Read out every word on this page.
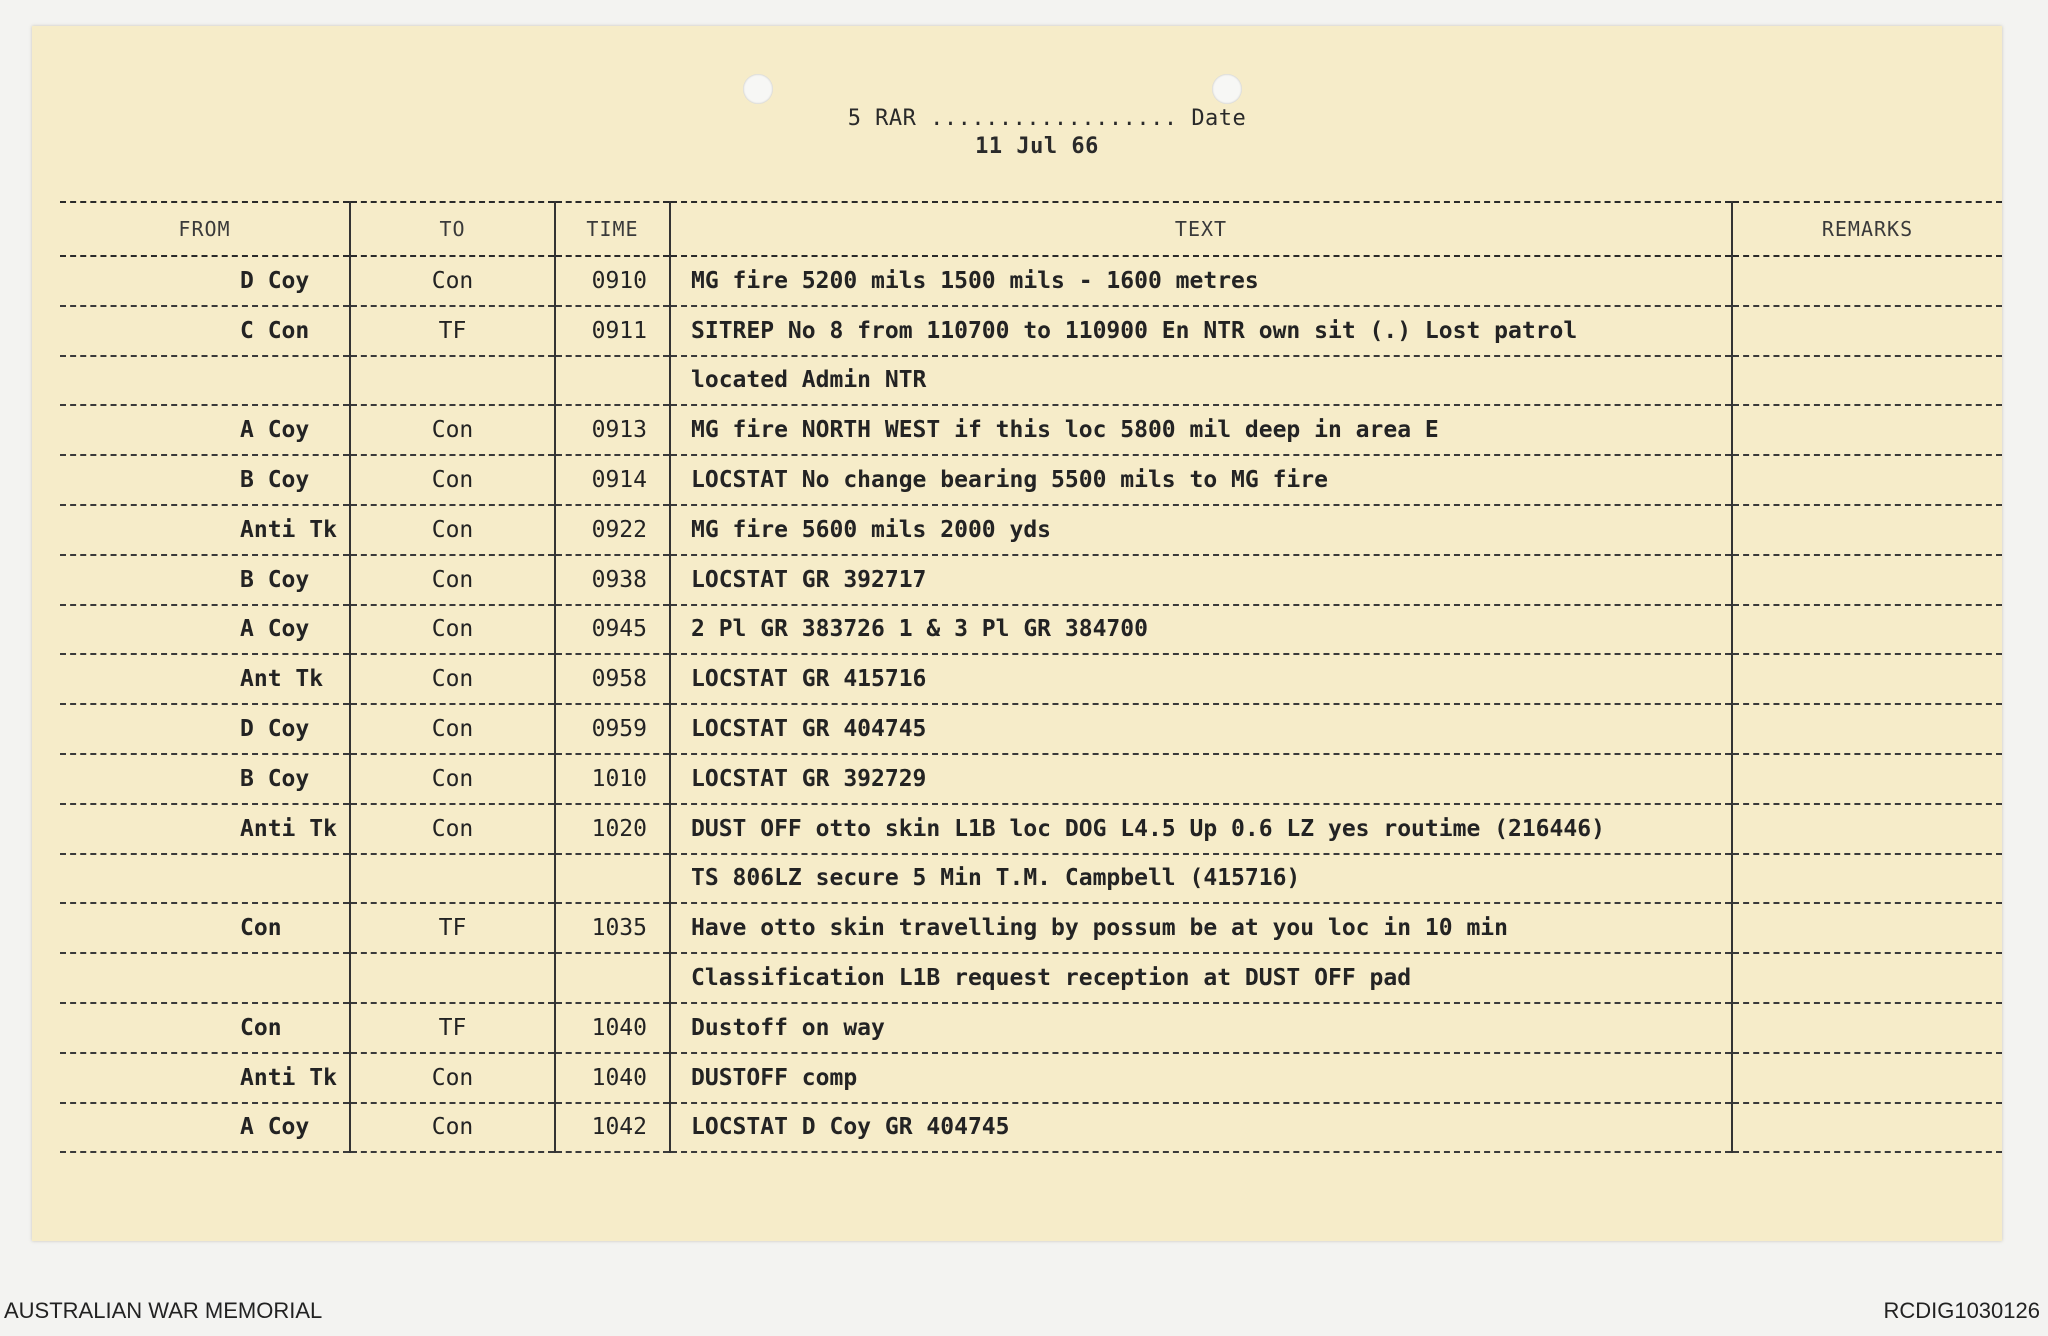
5 RAR .................. Date
11 Jul 66
FROM	TO	TIME	TEXT	REMARKS
D Coy	Con	0910	MG fire 5200 mils 1500 mils - 1600 metres	
C Con	TF	0911	SITREP No 8 from 110700 to 110900 En NTR own sit (.) Lost patrol	
			located Admin NTR	
A Coy	Con	0913	MG fire NORTH WEST if this loc 5800 mil deep in area E	
B Coy	Con	0914	LOCSTAT No change bearing 5500 mils to MG fire	
Anti Tk	Con	0922	MG fire 5600 mils 2000 yds	
B Coy	Con	0938	LOCSTAT GR 392717	
A Coy	Con	0945	2 Pl GR 383726 1 & 3 Pl GR 384700	
Ant Tk	Con	0958	LOCSTAT GR 415716	
D Coy	Con	0959	LOCSTAT GR 404745	
B Coy	Con	1010	LOCSTAT GR 392729	
Anti Tk	Con	1020	DUST OFF otto skin L1B loc DOG L4.5 Up 0.6 LZ yes routime (216446)	
			TS 806LZ secure 5 Min T.M. Campbell (415716)	
Con	TF	1035	Have otto skin travelling by possum be at you loc in 10 min	
			Classification L1B request reception at DUST OFF pad	
Con	TF	1040	Dustoff on way	
Anti Tk	Con	1040	DUSTOFF comp	
A Coy	Con	1042	LOCSTAT D Coy GR 404745	
AUSTRALIAN WAR MEMORIAL	RCDIG1030126
